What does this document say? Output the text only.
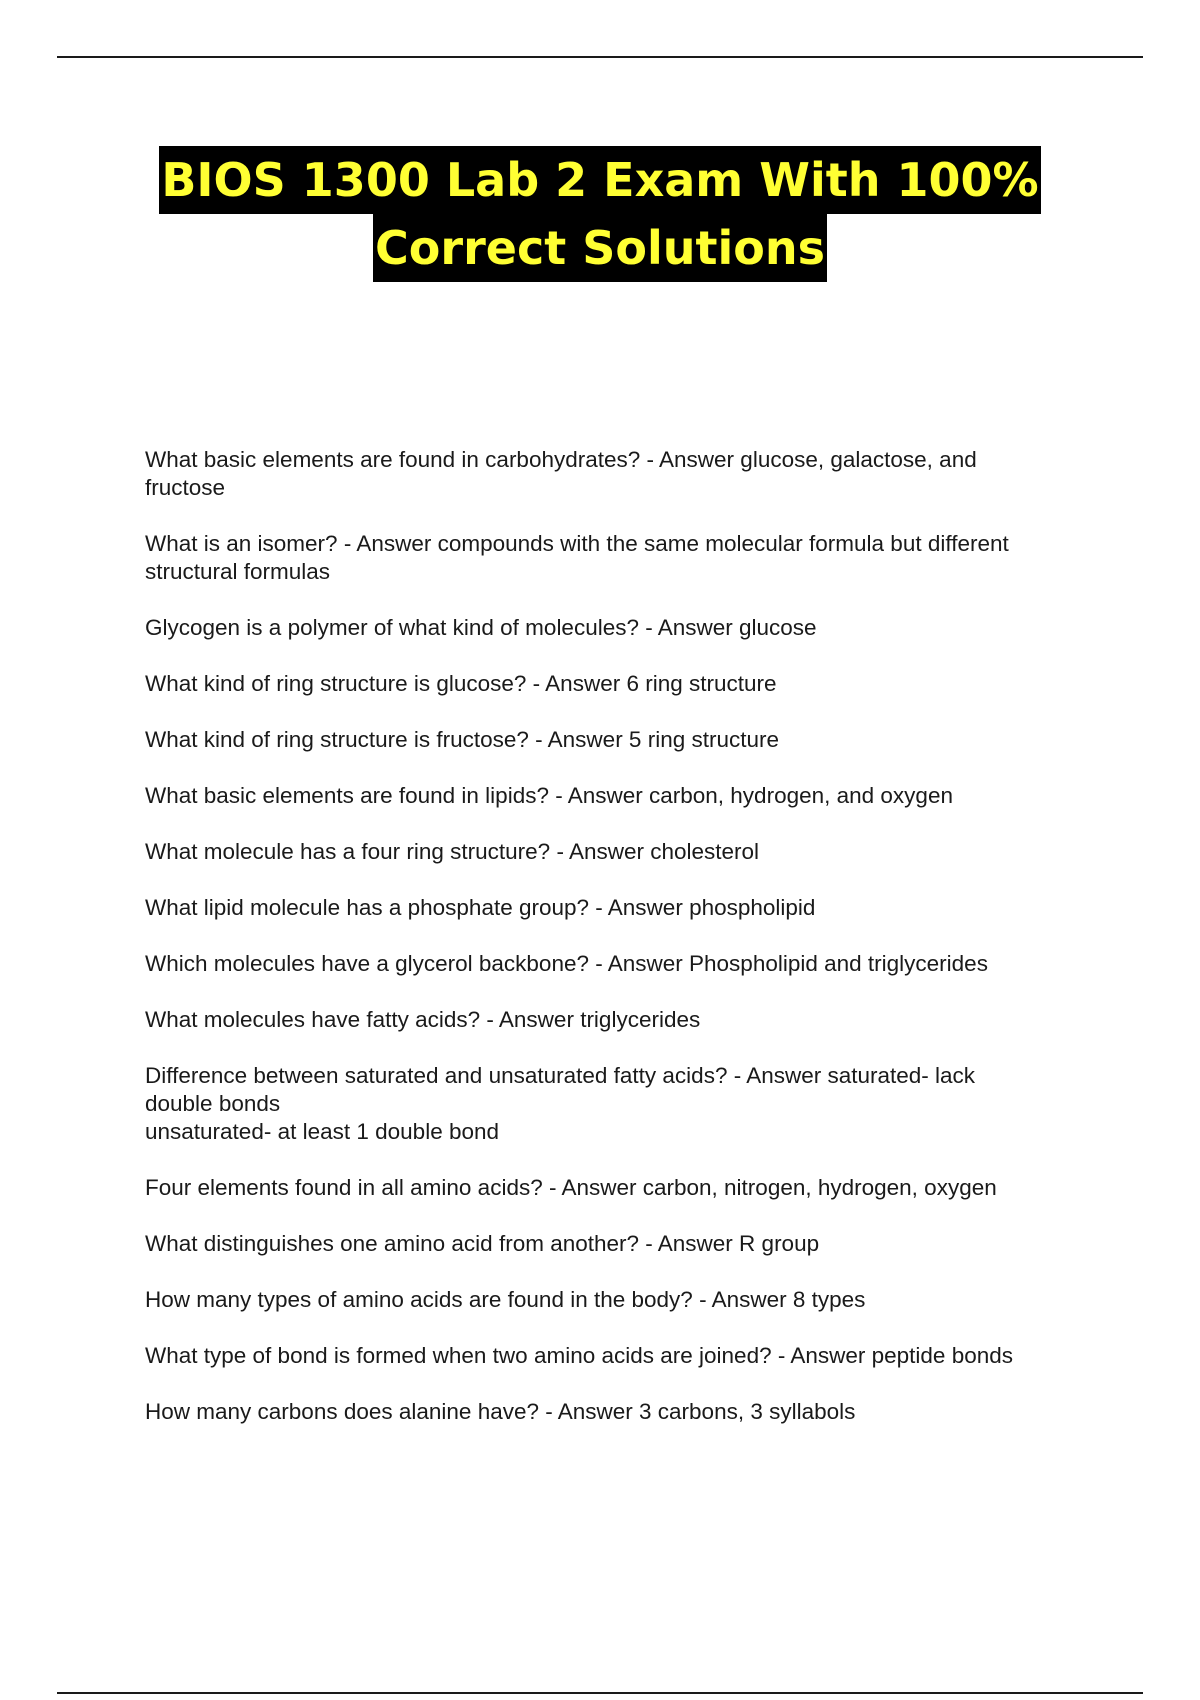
BIOS 1300 Lab 2 Exam With 100%
Correct Solutions
What basic elements are found in carbohydrates? - Answer glucose, galactose, and
fructose
What is an isomer? - Answer compounds with the same molecular formula but different
structural formulas
Glycogen is a polymer of what kind of molecules? - Answer glucose
What kind of ring structure is glucose? - Answer 6 ring structure
What kind of ring structure is fructose? - Answer 5 ring structure
What basic elements are found in lipids? - Answer carbon, hydrogen, and oxygen
What molecule has a four ring structure? - Answer cholesterol
What lipid molecule has a phosphate group? - Answer phospholipid
Which molecules have a glycerol backbone? - Answer Phospholipid and triglycerides
What molecules have fatty acids? - Answer triglycerides
Difference between saturated and unsaturated fatty acids? - Answer saturated- lack
double bonds
unsaturated- at least 1 double bond
Four elements found in all amino acids? - Answer carbon, nitrogen, hydrogen, oxygen
What distinguishes one amino acid from another? - Answer R group
How many types of amino acids are found in the body? - Answer 8 types
What type of bond is formed when two amino acids are joined? - Answer peptide bonds
How many carbons does alanine have? - Answer 3 carbons, 3 syllabols
